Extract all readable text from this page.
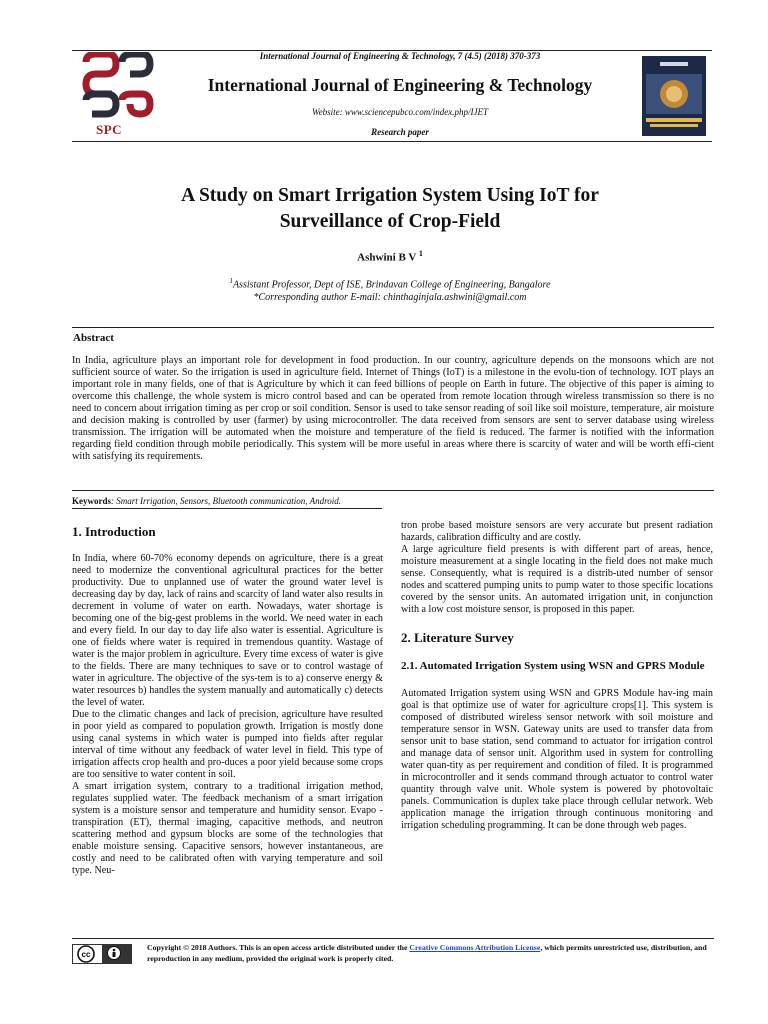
SPC
International Journal of Engineering & Technology, 7 (4.5) (2018) 370-373
International Journal of Engineering & Technology
Website: www.sciencepubco.com/index.php/IJET
Research paper
A Study on Smart Irrigation System Using IoT for
Surveillance of Crop-Field
Ashwini B V $^1$
$^1$Assistant Professor, Dept of ISE, Brindavan College of Engineering, Bangalore
*Corresponding author E-mail: chinthaginjala.ashwini@gmail.com
Abstract
In India, agriculture plays an important role for development in food production. In our country, agriculture depends on the monsoons which are not sufficient source of water. So the irrigation is used in agriculture field. Internet of Things (IoT) is a milestone in the evolu-tion of technology. IOT plays an important role in many fields, one of that is Agriculture by which it can feed billions of people on Earth in future. The objective of this paper is aiming to overcome this challenge, the whole system is micro control based and can be operated from remote location through wireless transmission so there is no need to concern about irrigation timing as per crop or soil condition. Sensor is used to take sensor reading of soil like soil moisture, temperature, air moisture and decision making is controlled by user (farmer) by using microcontroller. The data received from sensors are sent to server database using wireless transmission. The irrigation will be automated when the moisture and temperature of the field is reduced. The farmer is notified with the information regarding field condition through mobile periodically. This system will be more useful in areas where there is scarcity of water and will be worth effi-cient with satisfying its requirements.
Keywords: Smart Irrigation, Sensors, Bluetooth communication, Android.
1. Introduction

In India, where 60-70% economy depends on agriculture, there is a great need to modernize the conventional agricultural practices for the better productivity. Due to unplanned use of water the ground water level is decreasing day by day, lack of rains and scarcity of land water also results in decrement in volume of water on earth. Nowadays, water shortage is becoming one of the big-gest problems in the world. We need water in each and every field. In our day to day life also water is essential. Agriculture is one of fields where water is required in tremendous quantity. Wastage of water is the major problem in agriculture. Every time excess of water is give to the fields. There are many techniques to save or to control wastage of water in agriculture. The objective of the sys-tem is to a) conserve energy & water resources b) handles the system manually and automatically c) detects the level of water.

Due to the climatic changes and lack of precision, agriculture have resulted in poor yield as compared to population growth. Irrigation is mostly done using canal systems in which water is pumped into fields after regular interval of time without any feedback of water level in field. This type of irrigation affects crop health and pro-duces a poor yield because some crops are too sensitive to water content in soil.

A smart irrigation system, contrary to a traditional irrigation method, regulates supplied water. The feedback mechanism of a smart irrigation system is a moisture sensor and temperature and humidity sensor. Evapo - transpiration (ET), thermal imaging, capacitive methods, and neutron scattering method and gypsum blocks are some of the technologies that enable moisture sensing. Capacitive sensors, however instantaneous, are costly and need to be calibrated often with varying temperature and soil type. Neu-

tron probe based moisture sensors are very accurate but present radiation hazards, calibration difficulty and are costly.

A large agriculture field presents is with different part of areas, hence, moisture measurement at a single locating in the field does not make much sense. Consequently, what is required is a distrib-uted number of sensor nodes and scattered pumping units to pump water to those specific locations covered by the sensor units. An automated irrigation unit, in conjunction with a low cost moisture sensor, is proposed in this paper.

2. Literature Survey
2.1. Automated Irrigation System using WSN and GPRS Module

Automated Irrigation system using WSN and GPRS Module hav-ing main goal is that optimize use of water for agriculture crops[1]. This system is composed of distributed wireless sensor network with soil moisture and temperature sensor in WSN. Gateway units are used to transfer data from sensor unit to base station, send command to actuator for irrigation control and manage data of sensor unit. Algorithm used in system for controlling water quan-tity as per requirement and condition of filed. It is programmed in microcontroller and it sends command through actuator to control water quantity through valve unit. Whole system is powered by photovoltaic panels. Communication is duplex take place through cellular network. Web application manage the irrigation through continuous monitoring and irrigation scheduling programming. It can be done through web pages.

cc
Copyright © 2018 Authors. This is an open access article distributed under the Creative Commons Attribution License, which permits unrestricted use, distribution, and reproduction in any medium, provided the original work is properly cited.
